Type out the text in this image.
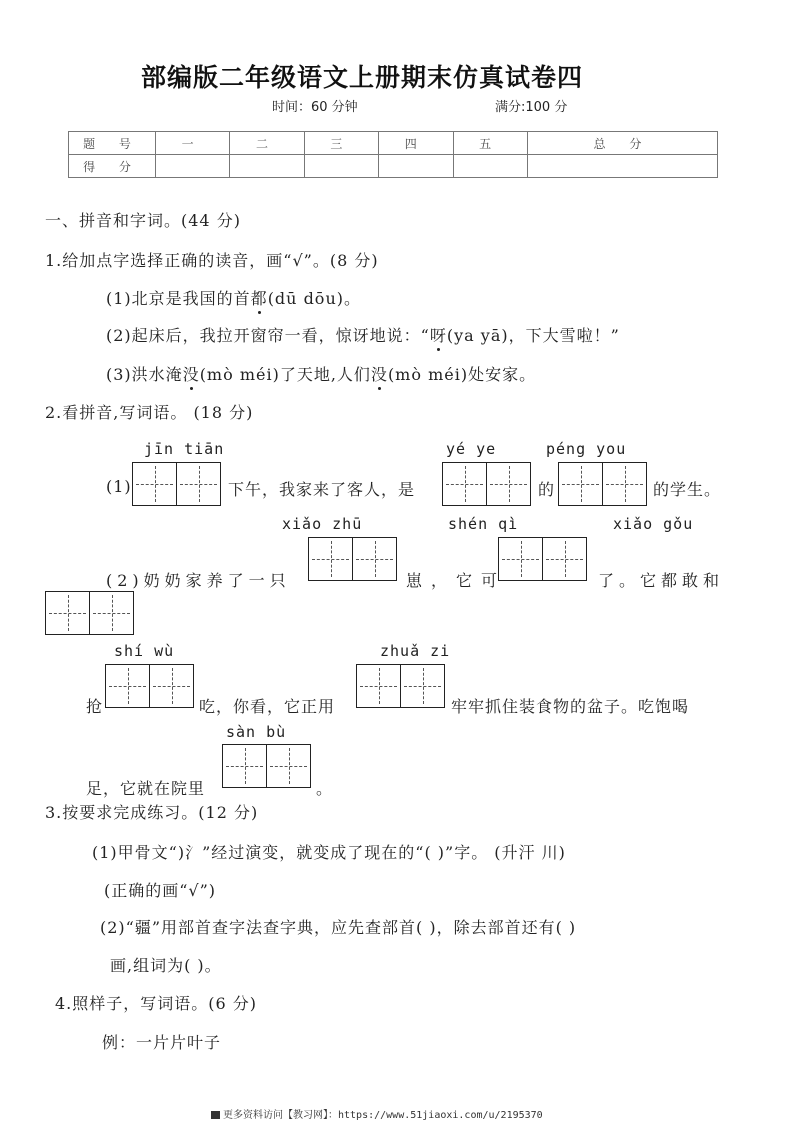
部编版二年级语文上册期末仿真试卷四
时间：60 分钟	满分:100 分
题 号	一	二	三	四	五	总 分
得 分						
一、拼音和字词。(44 分)
1.给加点字选择正确的读音，画“√”。(8 分)
(1)北京是我国的首都(dū dōu)。
(2)起床后，我拉开窗帘一看，惊讶地说：“呀(ya yā)，下大雪啦！”
(3)洪水淹没(mò méi)了天地,人们没(mò méi)处安家。
2.看拼音,写词语。 (18 分)
jīn tiān	yé ye	péng you
(1)	下午，我家来了客人，是	的	的学生。
xiǎo zhū	shén qì	xiǎo gǒu
(2)奶奶家养了一只	崽，它可	了。它都敢和
shí wù	zhuǎ zi
抢	吃，你看，它正用	牢牢抓住装食物的盆子。吃饱喝
sàn bù
足，它就在院里	。
3.按要求完成练习。(12 分)
(1)甲骨文“)氵”经过演变，就变成了现在的“( )”字。 (升汗 川)
(正确的画“√”)
(2)“疆”用部首查字法查字典，应先查部首( )，除去部首还有( )
画,组词为( )。
4.照样子，写词语。(6 分)
例：一片片叶子
更多资料访问【教习网】：https://www.51jiaoxi.com/u/2195370
